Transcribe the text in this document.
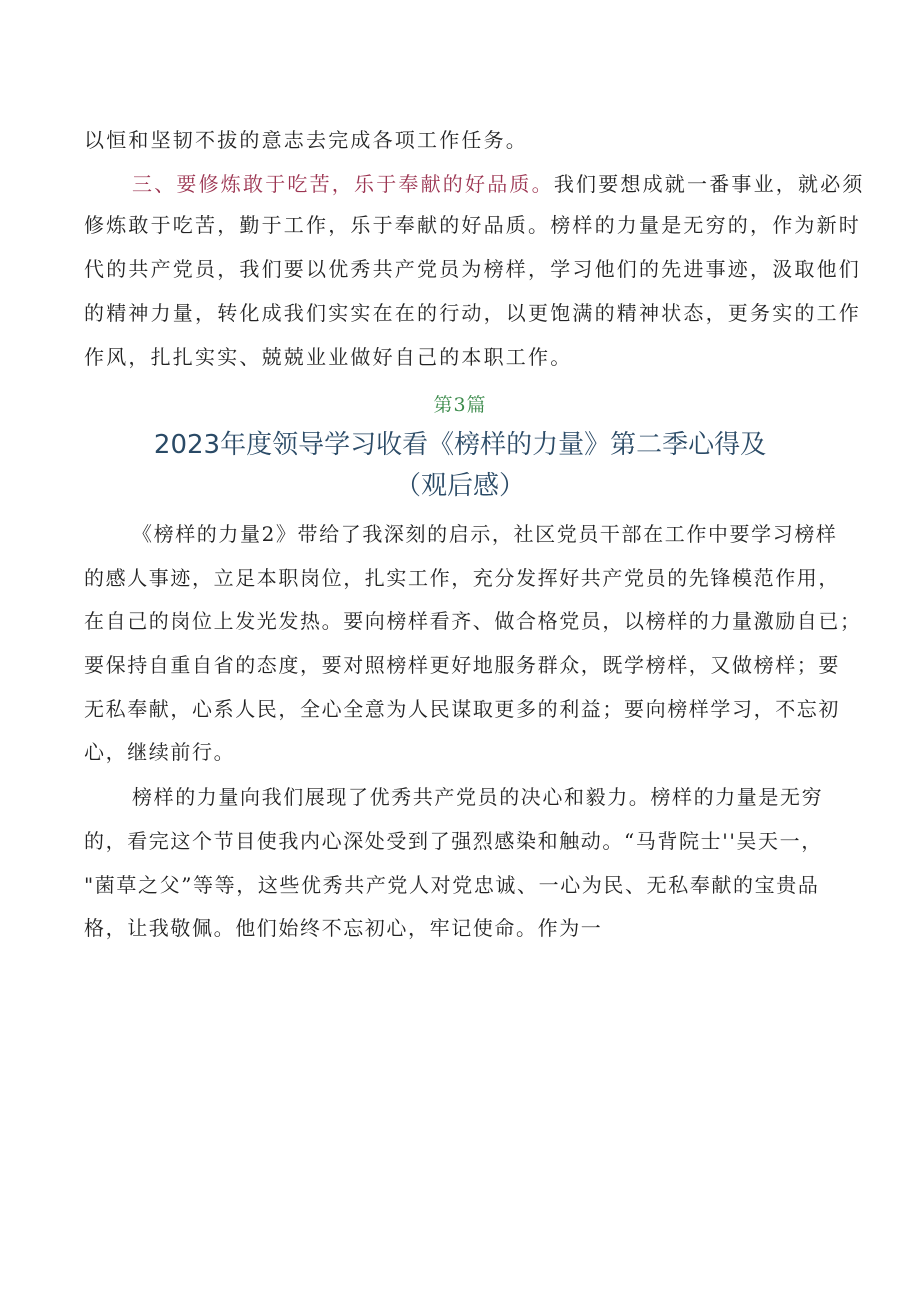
以恒和坚韧不拔的意志去完成各项工作任务。
三、要修炼敢于吃苦，乐于奉献的好品质。我们要想成就一番事业，就必须
修炼敢于吃苦，勤于工作，乐于奉献的好品质。榜样的力量是无穷的，作为新时
代的共产党员，我们要以优秀共产党员为榜样，学习他们的先进事迹，汲取他们
的精神力量，转化成我们实实在在的行动，以更饱满的精神状态，更务实的工作
作风，扎扎实实、兢兢业业做好自己的本职工作。
第3篇
2023年度领导学习收看《榜样的力量》第二季心得及
（观后感）
《榜样的力量2》带给了我深刻的启示，社区党员干部在工作中要学习榜样
的感人事迹，立足本职岗位，扎实工作，充分发挥好共产党员的先锋模范作用，
在自己的岗位上发光发热。要向榜样看齐、做合格党员，以榜样的力量激励自已；
要保持自重自省的态度，要对照榜样更好地服务群众，既学榜样，又做榜样；要
无私奉献，心系人民，全心全意为人民谋取更多的利益；要向榜样学习，不忘初
心，继续前行。
榜样的力量向我们展现了优秀共产党员的决心和毅力。榜样的力量是无穷
的，看完这个节目使我内心深处受到了强烈感染和触动。“马背院士''吴天一，
"菌草之父”等等，这些优秀共产党人对党忠诚、一心为民、无私奉献的宝贵品
格，让我敬佩。他们始终不忘初心，牢记使命。作为一
